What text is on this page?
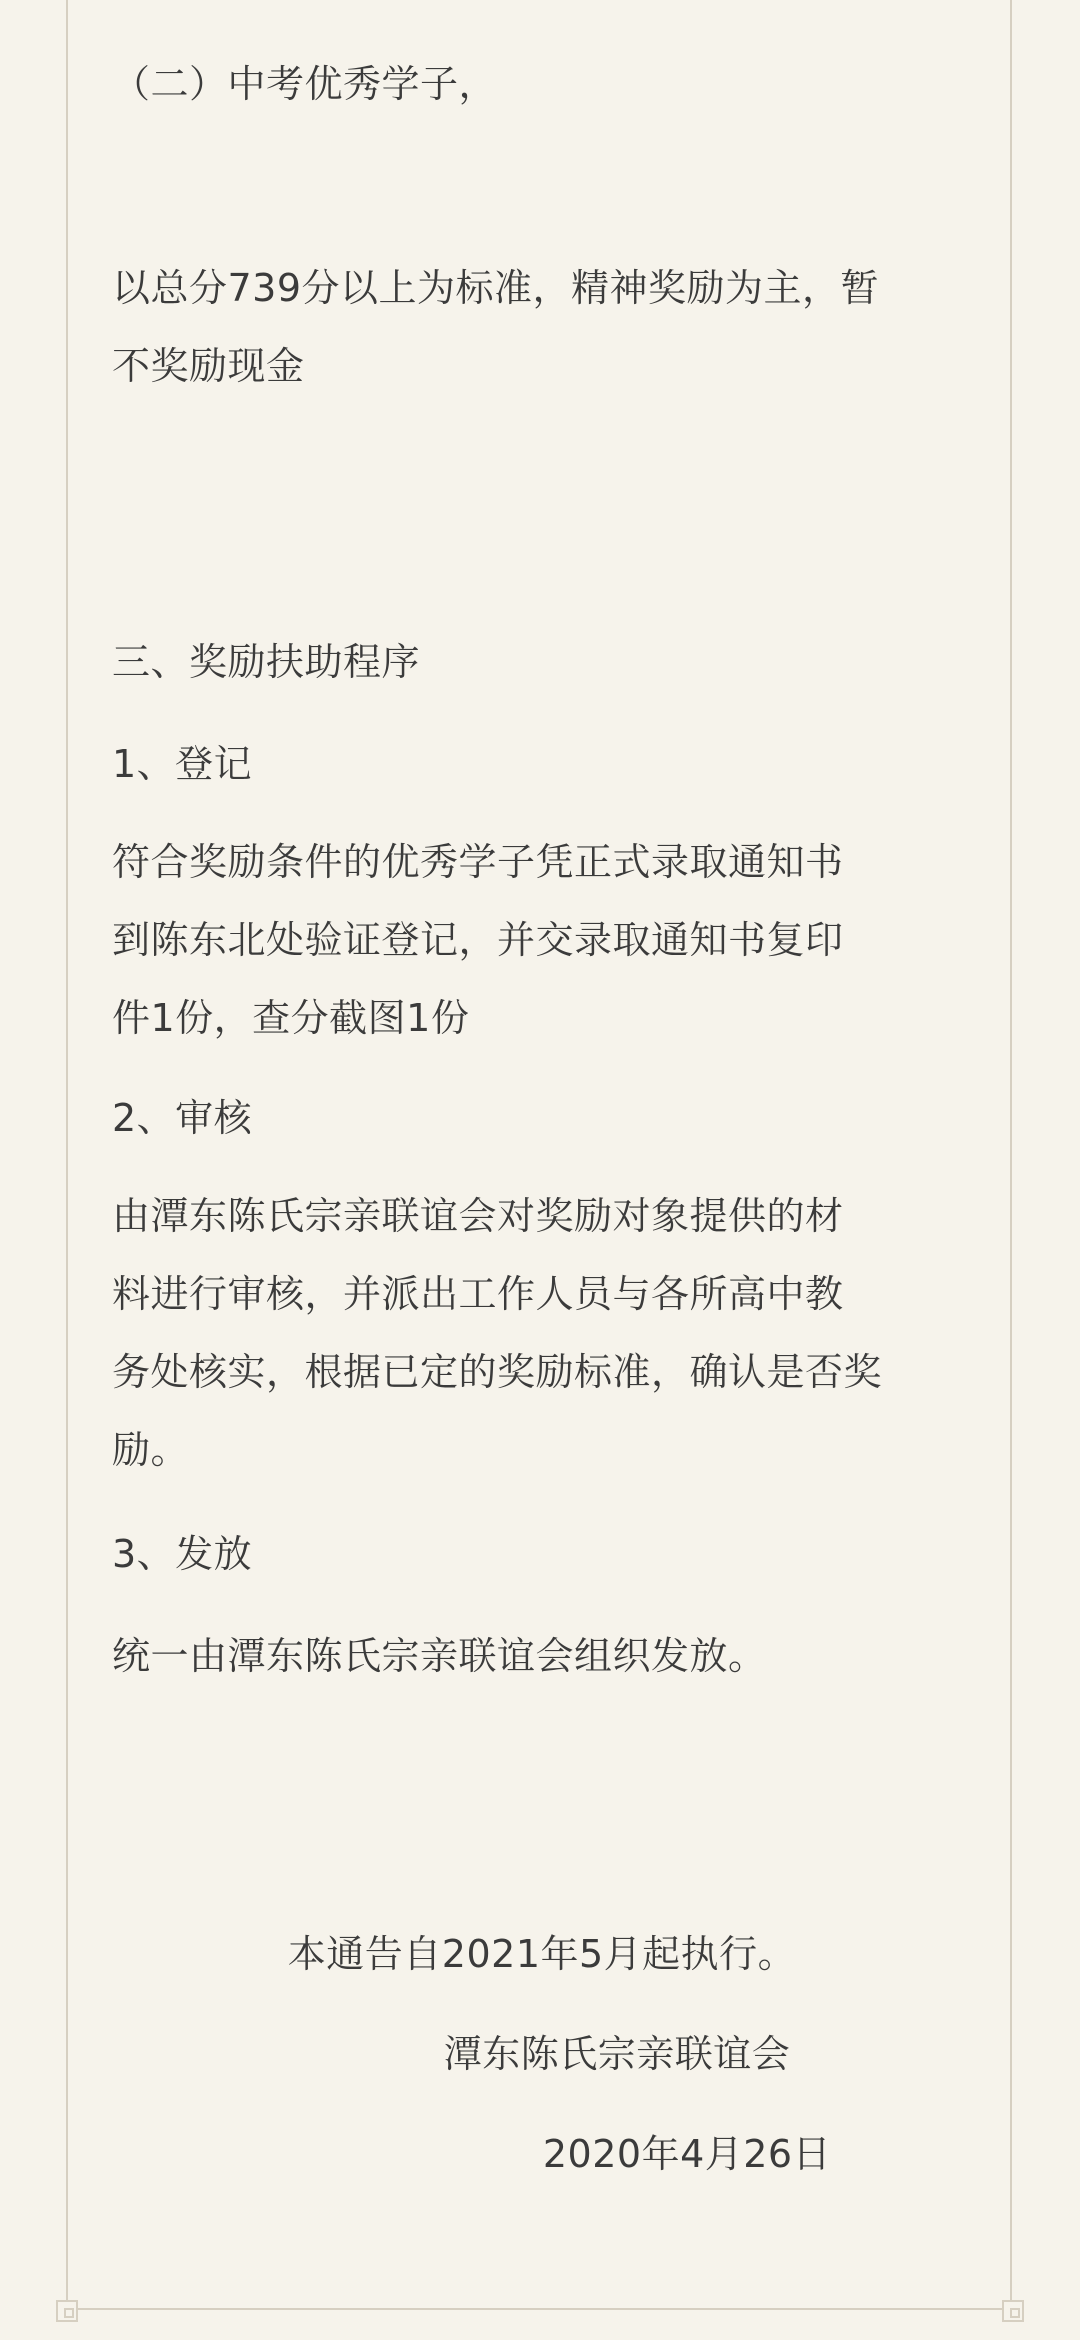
（二）中考优秀学子，
以总分739分以上为标准，精神奖励为主，暂
不奖励现金
三、奖励扶助程序
1、登记
符合奖励条件的优秀学子凭正式录取通知书
到陈东北处验证登记，并交录取通知书复印
件1份，查分截图1份
2、审核
由潭东陈氏宗亲联谊会对奖励对象提供的材
料进行审核，并派出工作人员与各所高中教
务处核实，根据已定的奖励标准，确认是否奖
励。
3、发放
统一由潭东陈氏宗亲联谊会组织发放。
本通告自2021年5月起执行。
潭东陈氏宗亲联谊会
2020年4月26日
